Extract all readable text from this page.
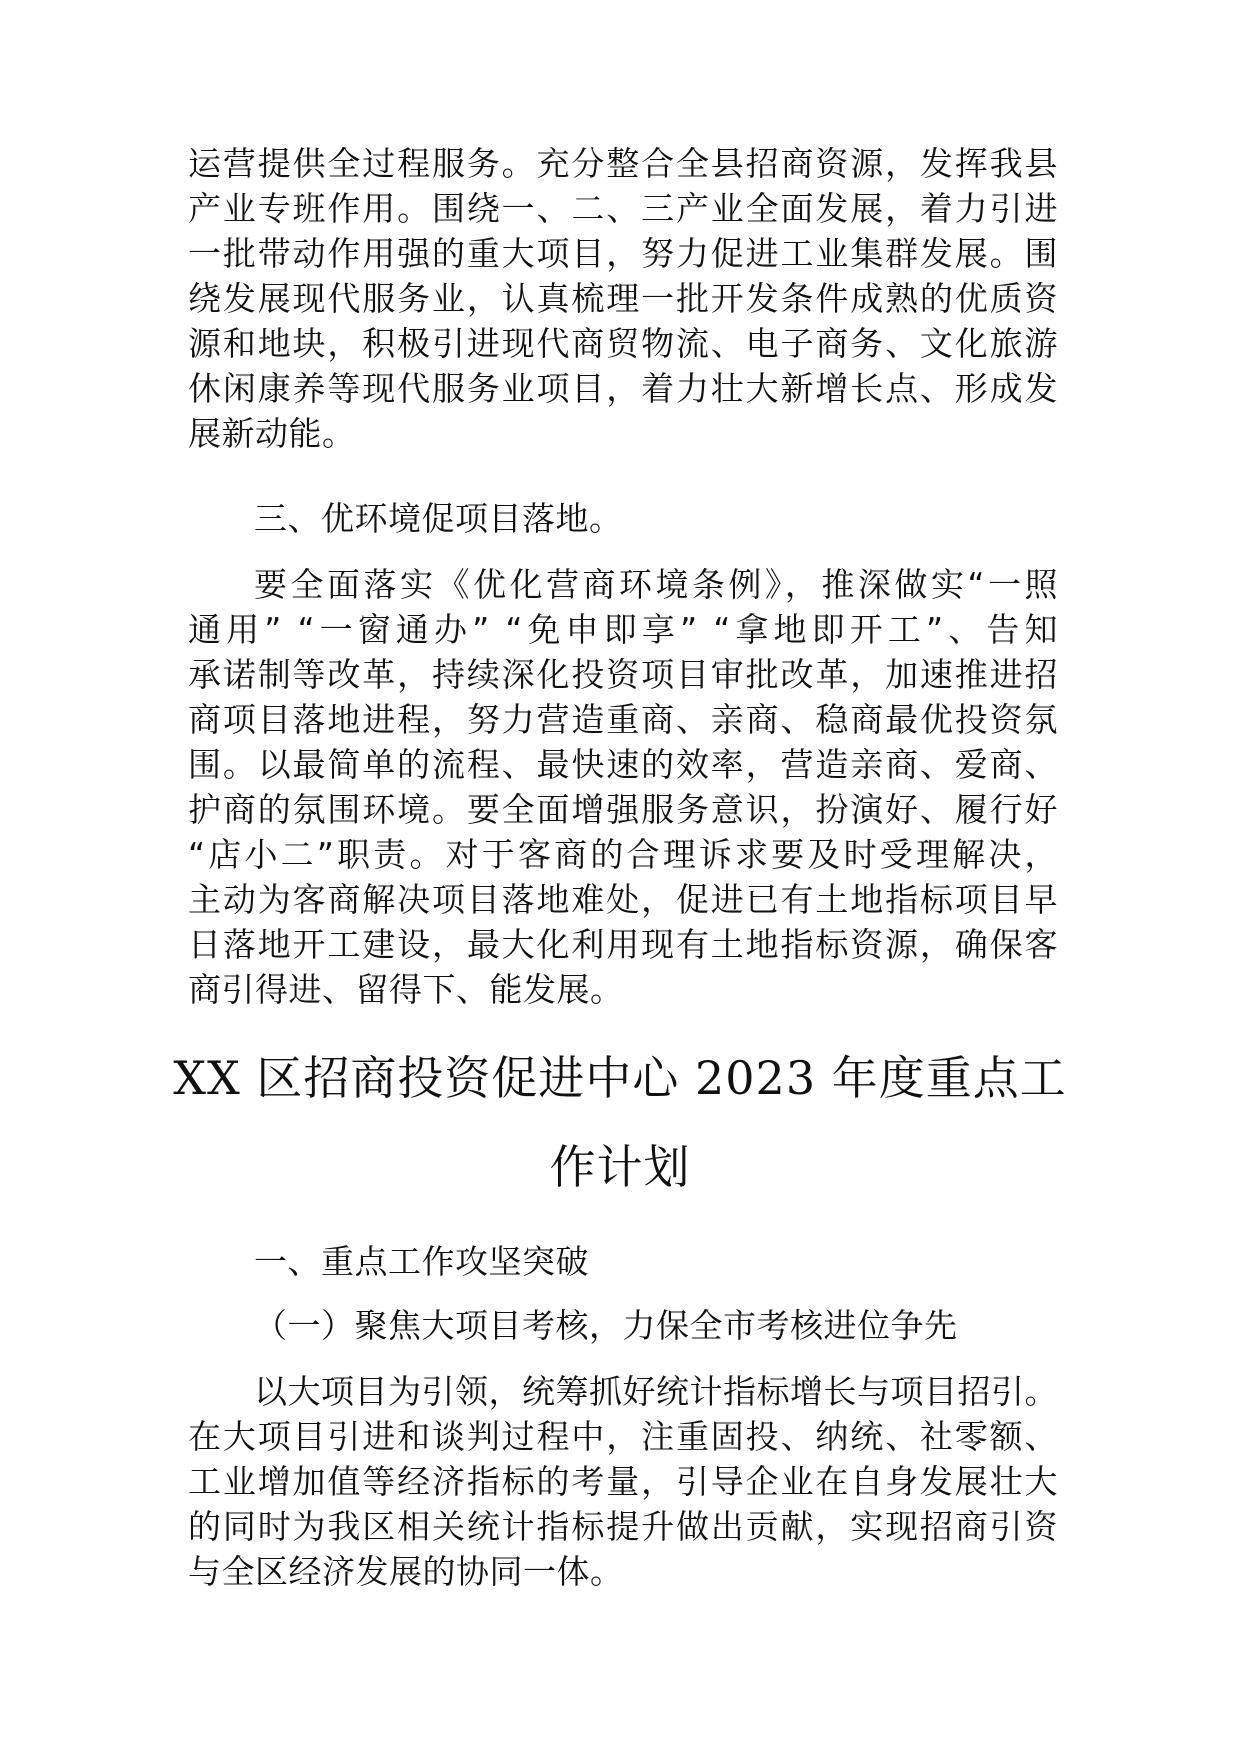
运营提供全过程服务。充分整合全县招商资源，发挥我县
产业专班作用。围绕一、二、三产业全面发展，着力引进
一批带动作用强的重大项目，努力促进工业集群发展。围
绕发展现代服务业，认真梳理一批开发条件成熟的优质资
源和地块，积极引进现代商贸物流、电子商务、文化旅游
休闲康养等现代服务业项目，着力壮大新增长点、形成发
展新动能。

三、优环境促项目落地。

要全面落实《优化营商环境条例》，推深做实“一照
通用” “一窗通办” “免申即享” “拿地即开工”、告知
承诺制等改革，持续深化投资项目审批改革，加速推进招
商项目落地进程，努力营造重商、亲商、稳商最优投资氛
围。以最简单的流程、最快速的效率，营造亲商、爱商、
护商的氛围环境。要全面增强服务意识，扮演好、履行好
“店小二”职责。对于客商的合理诉求要及时受理解决，
主动为客商解决项目落地难处，促进已有土地指标项目早
日落地开工建设，最大化利用现有土地指标资源，确保客
商引得进、留得下、能发展。

XX 区招商投资促进中心 2023 年度重点工
作计划

一、重点工作攻坚突破

（一）聚焦大项目考核，力保全市考核进位争先

以大项目为引领，统筹抓好统计指标增长与项目招引。
在大项目引进和谈判过程中，注重固投、纳统、社零额、
工业增加值等经济指标的考量，引导企业在自身发展壮大
的同时为我区相关统计指标提升做出贡献，实现招商引资
与全区经济发展的协同一体。
